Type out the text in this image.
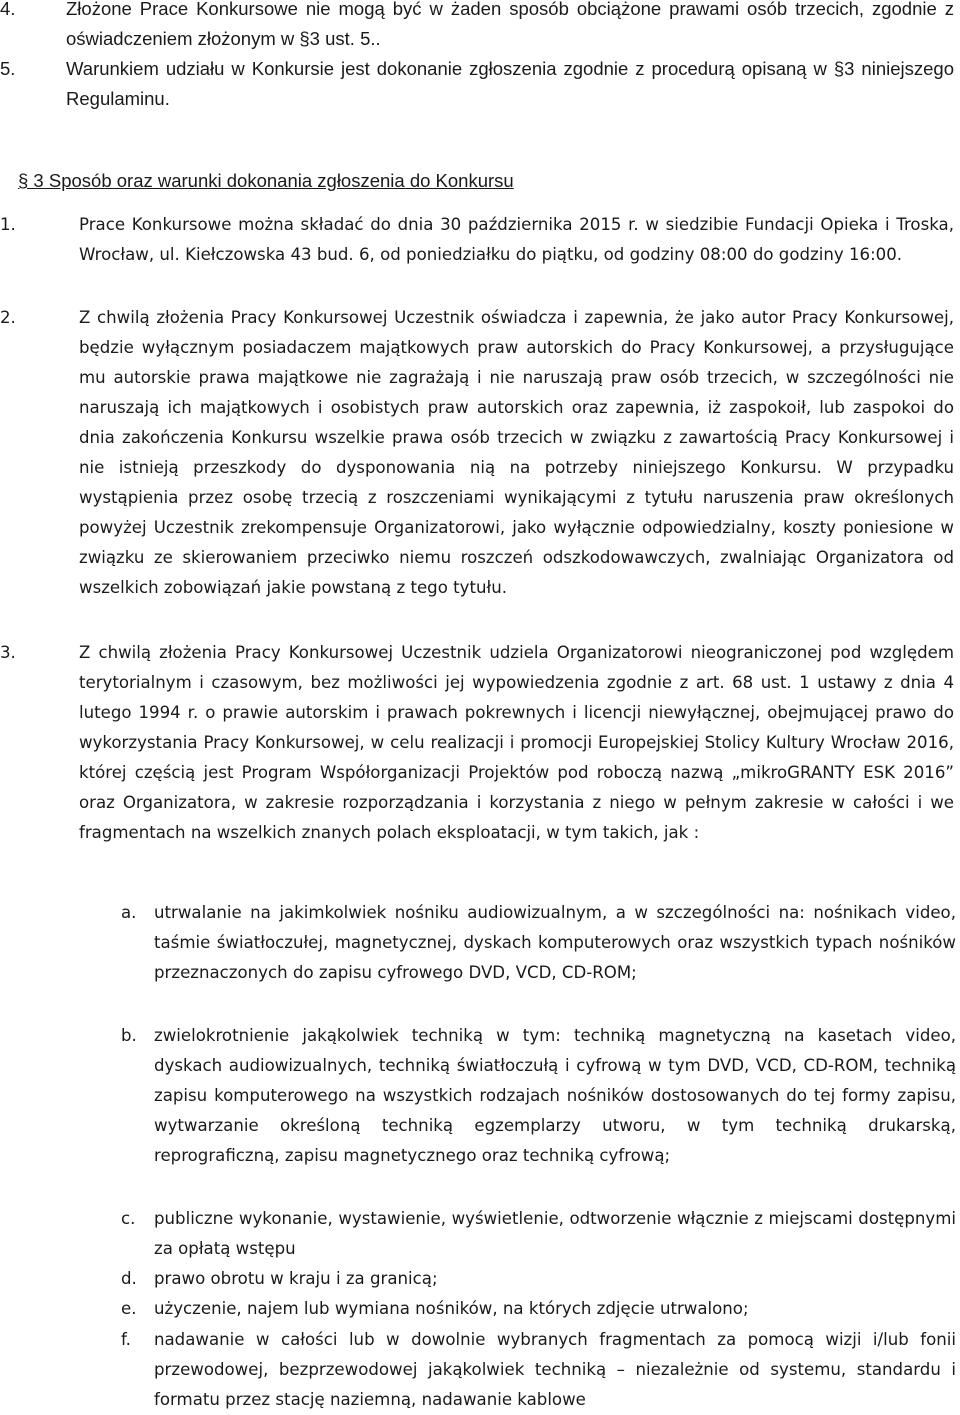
4.	Złożone Prace Konkursowe nie mogą być w żaden sposób obciążone prawami osób trzecich, zgodnie z oświadczeniem złożonym w §3 ust. 5..
5.	Warunkiem udziału w Konkursie jest dokonanie zgłoszenia zgodnie z procedurą opisaną w §3 niniejszego Regulaminu.
§ 3 Sposób oraz warunki dokonania zgłoszenia do Konkursu
1.	Prace Konkursowe można składać do dnia 30 października 2015 r. w siedzibie Fundacji Opieka i Troska, Wrocław, ul. Kiełczowska 43 bud. 6, od poniedziałku do piątku, od godziny 08:00 do godziny 16:00.
2.	Z chwilą złożenia Pracy Konkursowej Uczestnik oświadcza i zapewnia, że jako autor Pracy Konkursowej, będzie wyłącznym posiadaczem majątkowych praw autorskich do Pracy Konkursowej, a przysługujące mu autorskie prawa majątkowe nie zagrażają i nie naruszają praw osób trzecich, w szczególności nie naruszają ich majątkowych i osobistych praw autorskich oraz zapewnia, iż zaspokoił, lub zaspokoi do dnia zakończenia Konkursu wszelkie prawa osób trzecich w związku z zawartością Pracy Konkursowej i nie istnieją przeszkody do dysponowania nią na potrzeby niniejszego Konkursu. W przypadku wystąpienia przez osobę trzecią z roszczeniami wynikającymi z tytułu naruszenia praw określonych powyżej Uczestnik zrekompensuje Organizatorowi, jako wyłącznie odpowiedzialny, koszty poniesione w związku ze skierowaniem przeciwko niemu roszczeń odszkodowawczych, zwalniając Organizatora od wszelkich zobowiązań jakie powstaną z tego tytułu.
3.	Z chwilą złożenia Pracy Konkursowej Uczestnik udziela Organizatorowi nieograniczonej pod względem terytorialnym i czasowym, bez możliwości jej wypowiedzenia zgodnie z art. 68 ust. 1 ustawy z dnia 4 lutego 1994 r. o prawie autorskim i prawach pokrewnych i licencji niewyłącznej, obejmującej prawo do wykorzystania Pracy Konkursowej, w celu realizacji i promocji Europejskiej Stolicy Kultury Wrocław 2016, której częścią jest Program Współorganizacji Projektów pod roboczą nazwą „mikroGRANTY ESK 2016” oraz Organizatora, w zakresie rozporządzania i korzystania z niego w pełnym zakresie w całości i we fragmentach na wszelkich znanych polach eksploatacji, w tym takich, jak :
a. utrwalanie na jakimkolwiek nośniku audiowizualnym, a w szczególności na: nośnikach video, taśmie światłoczułej, magnetycznej, dyskach komputerowych oraz wszystkich typach nośników przeznaczonych do zapisu cyfrowego DVD, VCD, CD-ROM;
b. zwielokrotnienie jakąkolwiek techniką w tym: techniką magnetyczną na kasetach video, dyskach audiowizualnych, techniką światłoczułą i cyfrową w tym DVD, VCD, CD-ROM, techniką zapisu komputerowego na wszystkich rodzajach nośników dostosowanych do tej formy zapisu, wytwarzanie określoną techniką egzemplarzy utworu, w tym techniką drukarską, reprograficzną, zapisu magnetycznego oraz techniką cyfrową;
c. publiczne wykonanie, wystawienie, wyświetlenie, odtworzenie włącznie z miejscami dostępnymi za opłatą wstępu
d. prawo obrotu w kraju i za granicą;
e. użyczenie, najem lub wymiana nośników, na których zdjęcie utrwalono;
f. nadawanie w całości lub w dowolnie wybranych fragmentach za pomocą wizji i/lub fonii przewodowej, bezprzewodowej jakąkolwiek techniką – niezależnie od systemu, standardu i formatu przez stację naziemną, nadawanie kablowe
